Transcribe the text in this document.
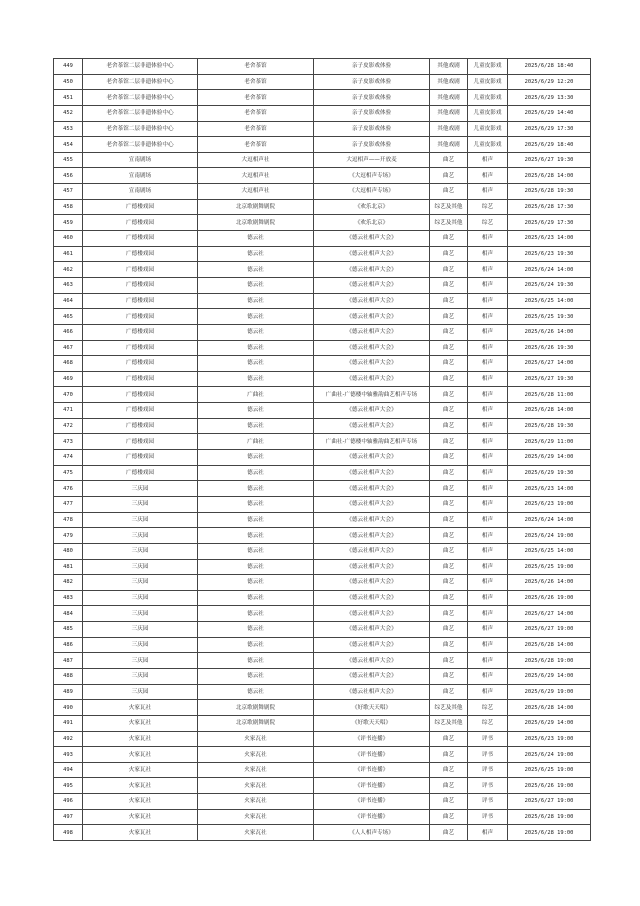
449	老舍茶馆二层非遗体验中心	老舍茶馆	亲子皮影戏体验	其他戏剧	儿童皮影戏	2025/6/28 18:40
450	老舍茶馆二层非遗体验中心	老舍茶馆	亲子皮影戏体验	其他戏剧	儿童皮影戏	2025/6/29 12:20
451	老舍茶馆二层非遗体验中心	老舍茶馆	亲子皮影戏体验	其他戏剧	儿童皮影戏	2025/6/29 13:30
452	老舍茶馆二层非遗体验中心	老舍茶馆	亲子皮影戏体验	其他戏剧	儿童皮影戏	2025/6/29 14:40
453	老舍茶馆二层非遗体验中心	老舍茶馆	亲子皮影戏体验	其他戏剧	儿童皮影戏	2025/6/29 17:30
454	老舍茶馆二层非遗体验中心	老舍茶馆	亲子皮影戏体验	其他戏剧	儿童皮影戏	2025/6/29 18:40
455	宣南剧场	大逗相声社	大逗相声——开放麦	曲艺	相声	2025/6/27 19:30
456	宣南剧场	大逗相声社	《大逗相声专场》	曲艺	相声	2025/6/28 14:00
457	宣南剧场	大逗相声社	《大逗相声专场》	曲艺	相声	2025/6/28 19:30
458	广德楼戏园	北京歌剧舞剧院	《欢乐北京》	综艺及其他	综艺	2025/6/28 17:30
459	广德楼戏园	北京歌剧舞剧院	《欢乐北京》	综艺及其他	综艺	2025/6/29 17:30
460	广德楼戏园	德云社	《德云社相声大会》	曲艺	相声	2025/6/23 14:00
461	广德楼戏园	德云社	《德云社相声大会》	曲艺	相声	2025/6/23 19:30
462	广德楼戏园	德云社	《德云社相声大会》	曲艺	相声	2025/6/24 14:00
463	广德楼戏园	德云社	《德云社相声大会》	曲艺	相声	2025/6/24 19:30
464	广德楼戏园	德云社	《德云社相声大会》	曲艺	相声	2025/6/25 14:00
465	广德楼戏园	德云社	《德云社相声大会》	曲艺	相声	2025/6/25 19:30
466	广德楼戏园	德云社	《德云社相声大会》	曲艺	相声	2025/6/26 14:00
467	广德楼戏园	德云社	《德云社相声大会》	曲艺	相声	2025/6/26 19:30
468	广德楼戏园	德云社	《德云社相声大会》	曲艺	相声	2025/6/27 14:00
469	广德楼戏园	德云社	《德云社相声大会》	曲艺	相声	2025/6/27 19:30
470	广德楼戏园	广曲社	广曲社-广德楼中轴雅韵曲艺相声专场	曲艺	相声	2025/6/28 11:00
471	广德楼戏园	德云社	《德云社相声大会》	曲艺	相声	2025/6/28 14:00
472	广德楼戏园	德云社	《德云社相声大会》	曲艺	相声	2025/6/28 19:30
473	广德楼戏园	广曲社	广曲社-广德楼中轴雅韵曲艺相声专场	曲艺	相声	2025/6/29 11:00
474	广德楼戏园	德云社	《德云社相声大会》	曲艺	相声	2025/6/29 14:00
475	广德楼戏园	德云社	《德云社相声大会》	曲艺	相声	2025/6/29 19:30
476	三庆园	德云社	《德云社相声大会》	曲艺	相声	2025/6/23 14:00
477	三庆园	德云社	《德云社相声大会》	曲艺	相声	2025/6/23 19:00
478	三庆园	德云社	《德云社相声大会》	曲艺	相声	2025/6/24 14:00
479	三庆园	德云社	《德云社相声大会》	曲艺	相声	2025/6/24 19:00
480	三庆园	德云社	《德云社相声大会》	曲艺	相声	2025/6/25 14:00
481	三庆园	德云社	《德云社相声大会》	曲艺	相声	2025/6/25 19:00
482	三庆园	德云社	《德云社相声大会》	曲艺	相声	2025/6/26 14:00
483	三庆园	德云社	《德云社相声大会》	曲艺	相声	2025/6/26 19:00
484	三庆园	德云社	《德云社相声大会》	曲艺	相声	2025/6/27 14:00
485	三庆园	德云社	《德云社相声大会》	曲艺	相声	2025/6/27 19:00
486	三庆园	德云社	《德云社相声大会》	曲艺	相声	2025/6/28 14:00
487	三庆园	德云社	《德云社相声大会》	曲艺	相声	2025/6/28 19:00
488	三庆园	德云社	《德云社相声大会》	曲艺	相声	2025/6/29 14:00
489	三庆园	德云社	《德云社相声大会》	曲艺	相声	2025/6/29 19:00
490	火家瓦社	北京歌剧舞剧院	《好歌天天唱》	综艺及其他	综艺	2025/6/28 14:00
491	火家瓦社	北京歌剧舞剧院	《好歌天天唱》	综艺及其他	综艺	2025/6/29 14:00
492	火家瓦社	火家瓦社	《评书连播》	曲艺	评书	2025/6/23 19:00
493	火家瓦社	火家瓦社	《评书连播》	曲艺	评书	2025/6/24 19:00
494	火家瓦社	火家瓦社	《评书连播》	曲艺	评书	2025/6/25 19:00
495	火家瓦社	火家瓦社	《评书连播》	曲艺	评书	2025/6/26 19:00
496	火家瓦社	火家瓦社	《评书连播》	曲艺	评书	2025/6/27 19:00
497	火家瓦社	火家瓦社	《评书连播》	曲艺	评书	2025/6/28 19:00
498	火家瓦社	火家瓦社	《人人相声专场》	曲艺	相声	2025/6/28 19:00
